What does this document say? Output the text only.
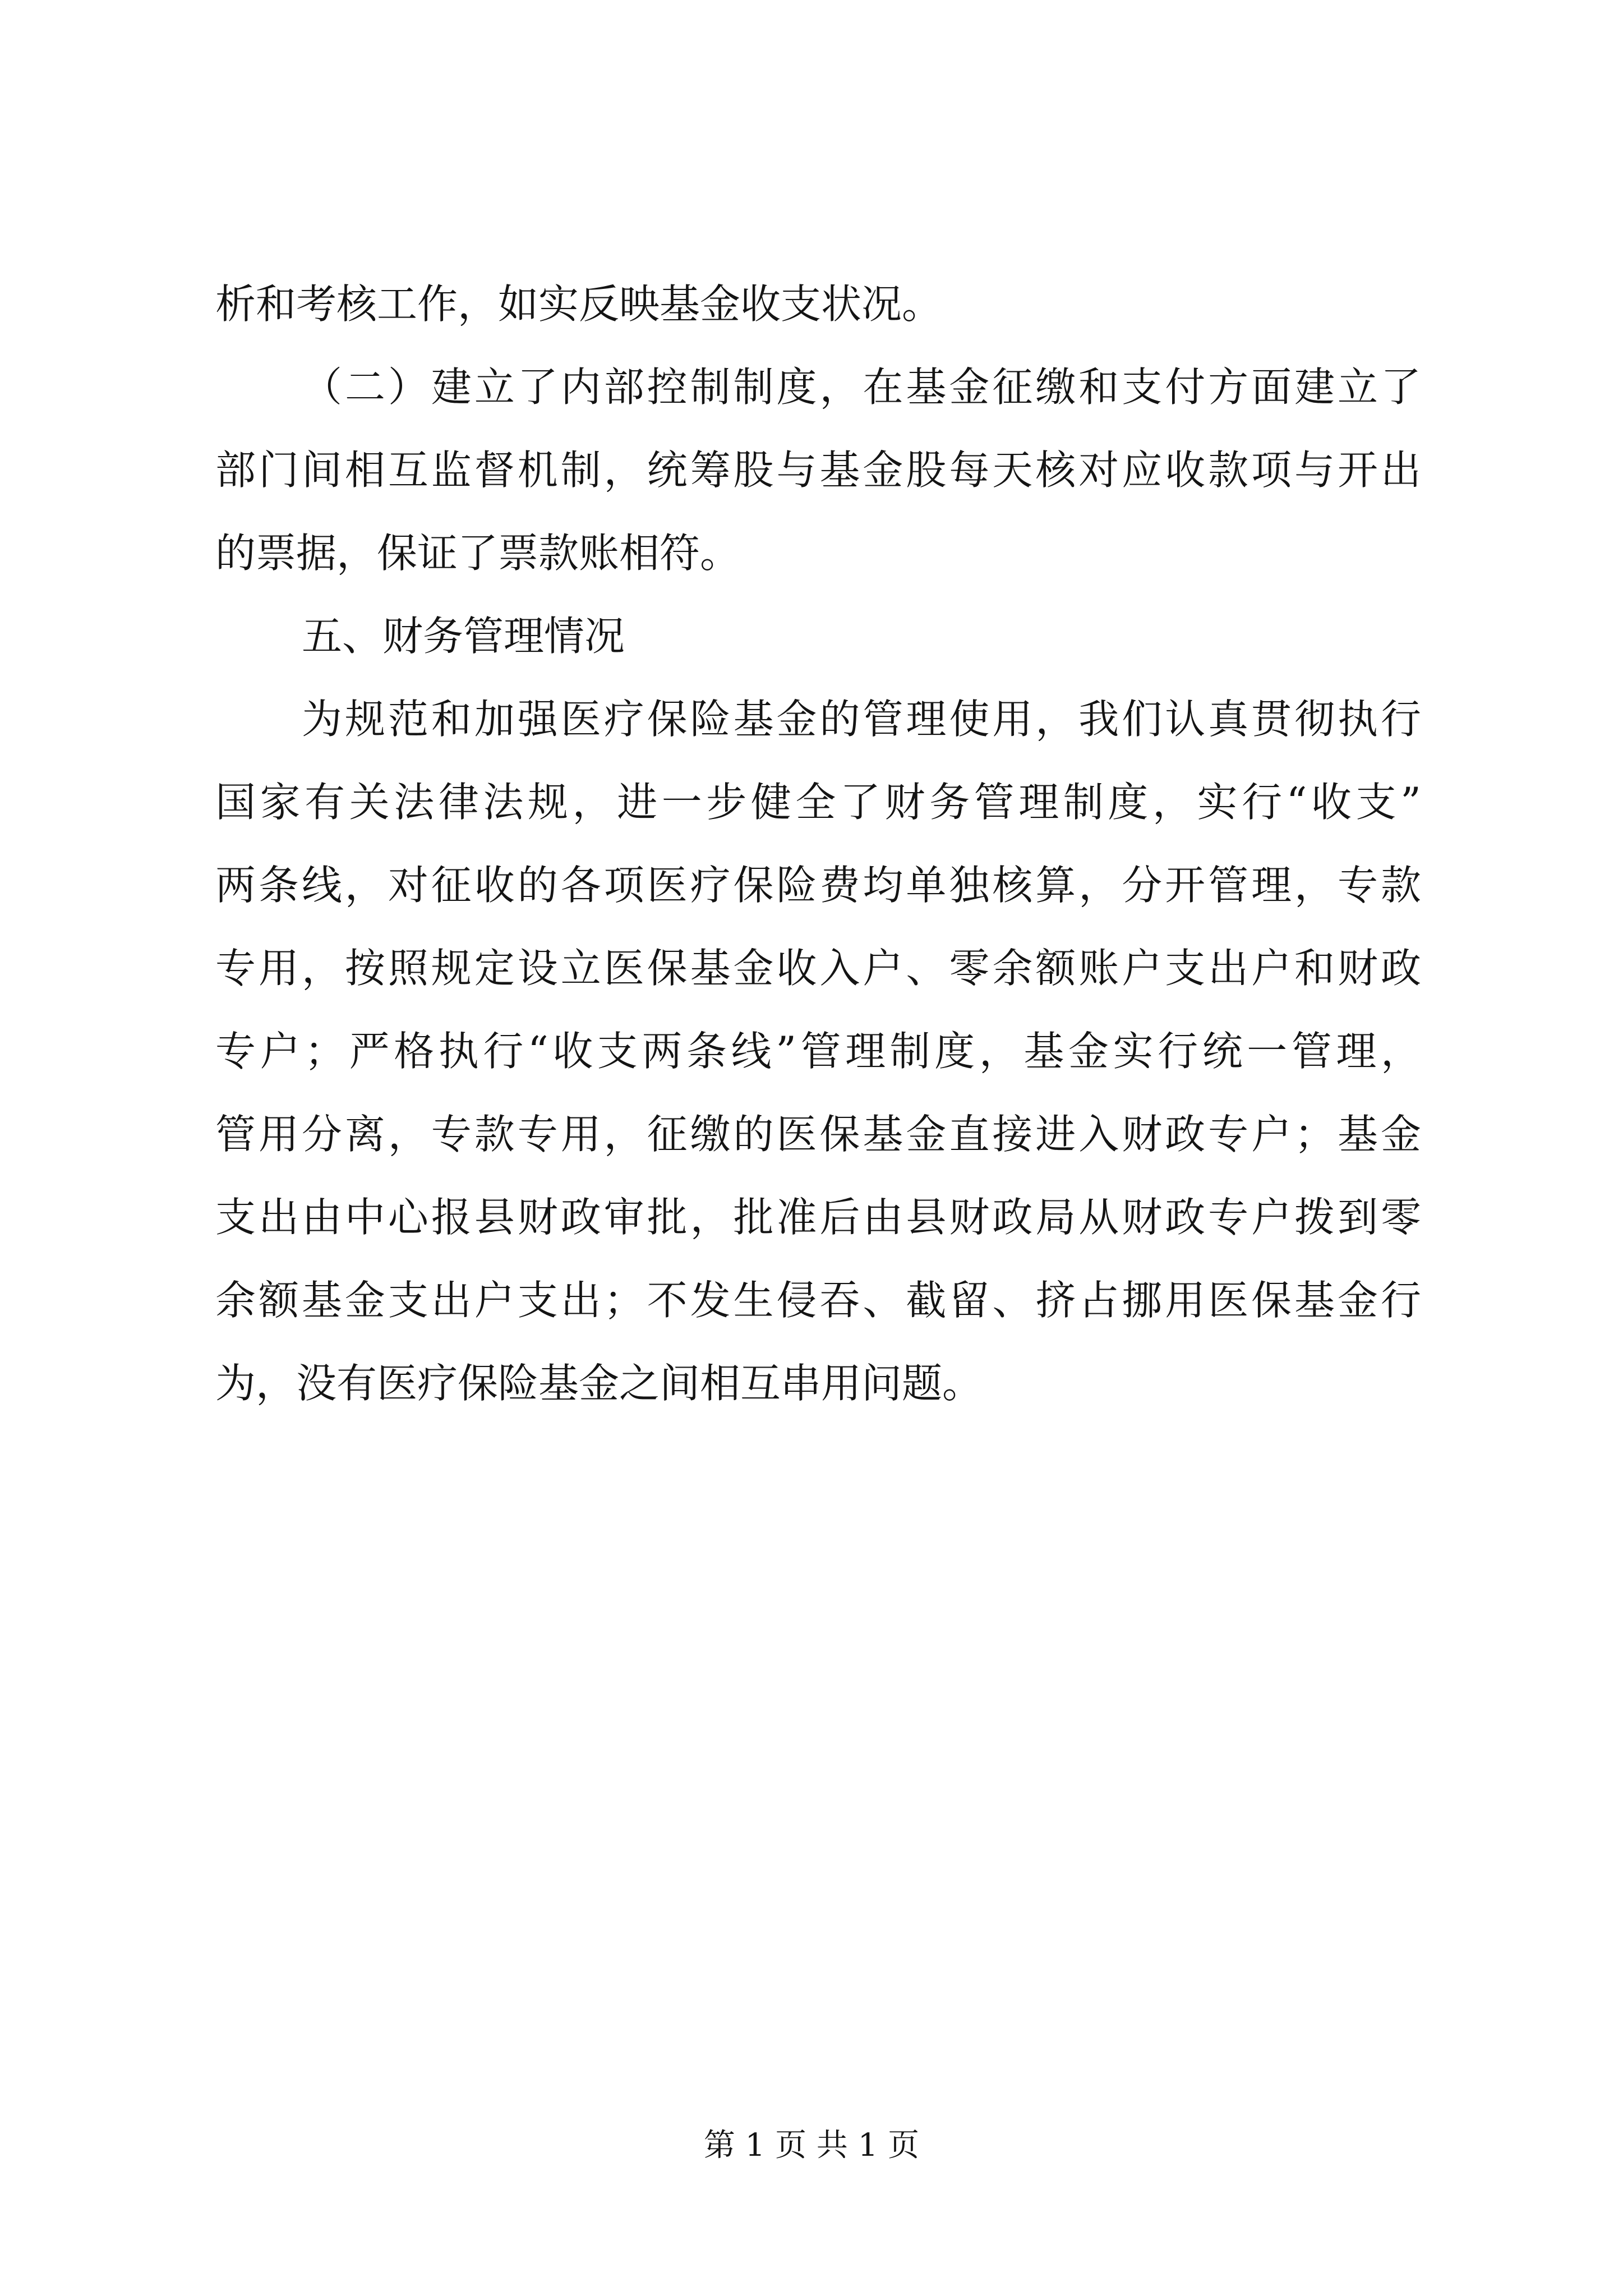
析和考核工作，如实反映基金收支状况。
（二）建立了内部控制制度，在基金征缴和支付方面建立了
部门间相互监督机制，统筹股与基金股每天核对应收款项与开出
的票据，保证了票款账相符。
五、财务管理情况
为规范和加强医疗保险基金的管理使用，我们认真贯彻执行
国家有关法律法规，进一步健全了财务管理制度，实行“收支”
两条线，对征收的各项医疗保险费均单独核算，分开管理，专款
专用，按照规定设立医保基金收入户、零余额账户支出户和财政
专户；严格执行“收支两条线”管理制度，基金实行统一管理，
管用分离，专款专用，征缴的医保基金直接进入财政专户；基金
支出由中心报县财政审批，批准后由县财政局从财政专户拨到零
余额基金支出户支出；不发生侵吞、截留、挤占挪用医保基金行
为，没有医疗保险基金之间相互串用问题。
第 1 页 共 1 页
